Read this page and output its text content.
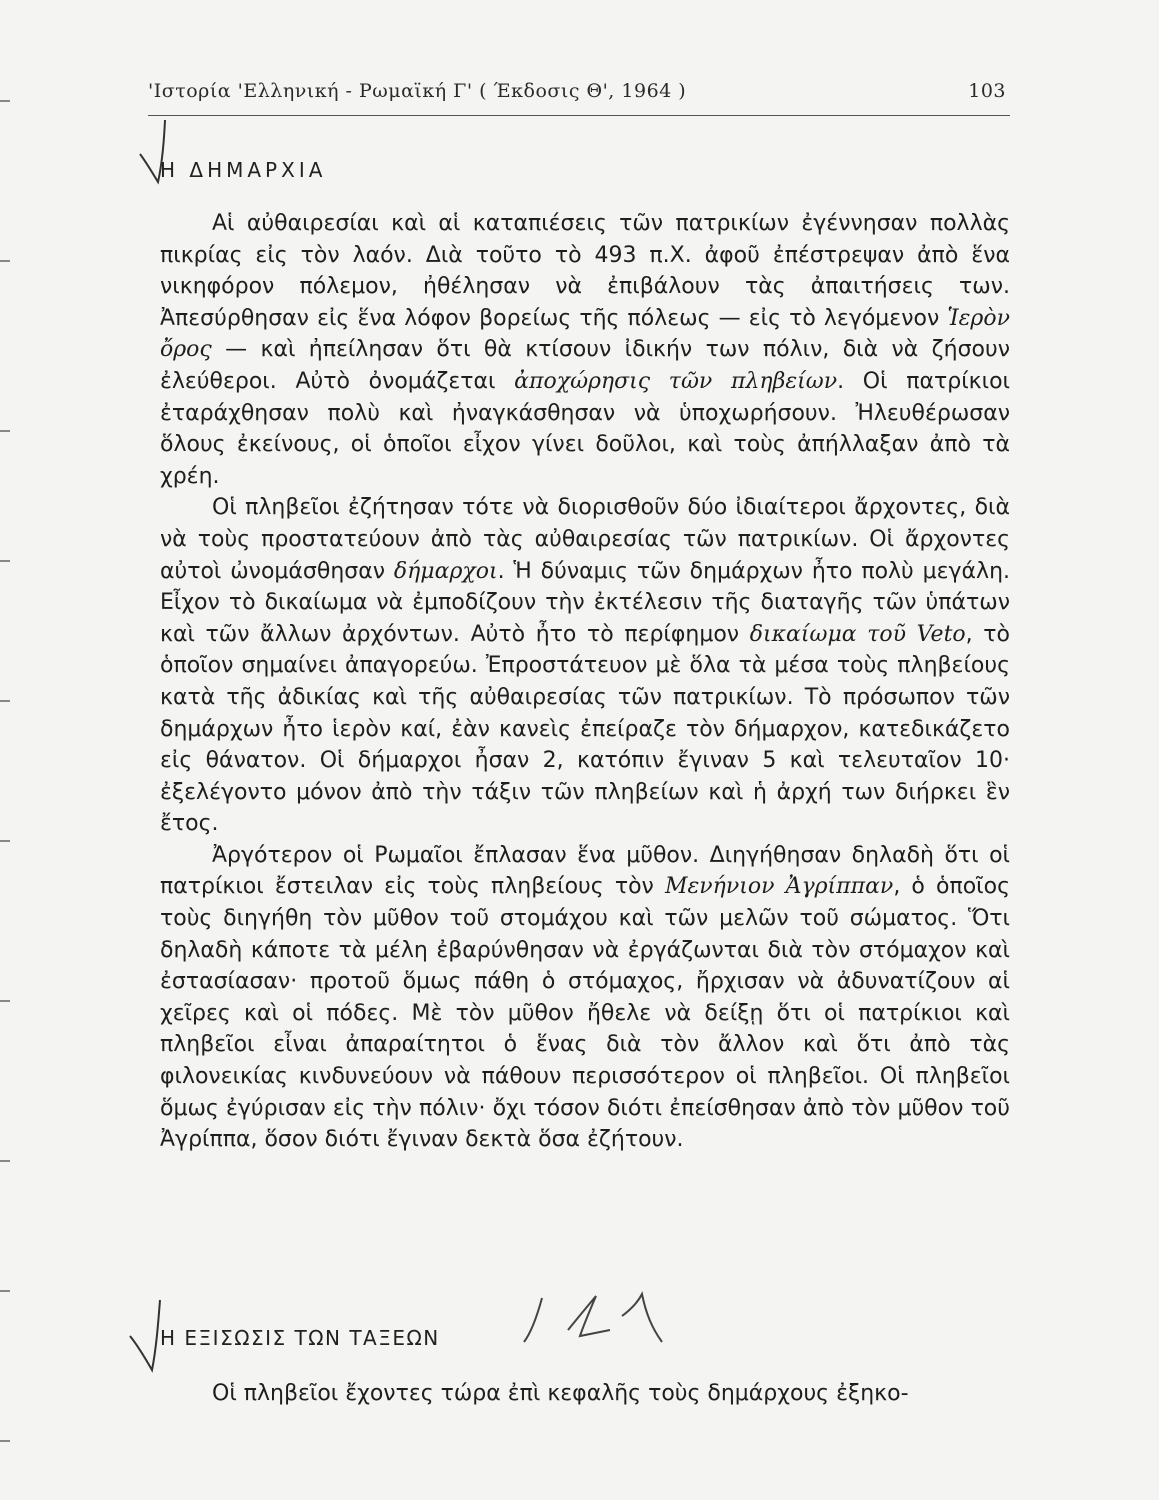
'Ιστορία 'Ελληνική - Ρωμαϊκή Γ' ( Έκδοσις Θ', 1964 )	103
Η ΔΗΜΑΡΧΙΑ

Αἱ αὐθαιρεσίαι καὶ αἱ καταπιέσεις τῶν πατρικίων ἐγέννησαν πολλὰς πικρίας εἰς τὸν λαόν. Διὰ τοῦτο τὸ 493 π.Χ. ἀφοῦ ἐπέστρεψαν ἀπὸ ἕνα νικηφόρον πόλεμον, ἠθέλησαν νὰ ἐπιβάλουν τὰς ἀπαιτήσεις των. Ἀπεσύρθησαν εἰς ἕνα λόφον βορείως τῆς πόλεως — εἰς τὸ λεγόμενον Ἱερὸν ὄρος — καὶ ἠπείλησαν ὅτι θὰ κτίσουν ἰδικήν των πόλιν, διὰ νὰ ζήσουν ἐλεύθεροι. Αὐτὸ ὀνομάζεται ἀποχώρησις τῶν πληβείων. Οἱ πατρίκιοι ἐταράχθησαν πολὺ καὶ ἠναγκάσθησαν νὰ ὑποχωρήσουν. Ἠλευθέρωσαν ὅλους ἐκείνους, οἱ ὁποῖοι εἶχον γίνει δοῦλοι, καὶ τοὺς ἀπήλλαξαν ἀπὸ τὰ χρέη.

Οἱ πληβεῖοι ἐζήτησαν τότε νὰ διορισθοῦν δύο ἰδιαίτεροι ἄρχοντες, διὰ νὰ τοὺς προστατεύουν ἀπὸ τὰς αὐθαιρεσίας τῶν πατρικίων. Οἱ ἄρχοντες αὐτοὶ ὠνομάσθησαν δήμαρχοι. Ἡ δύναμις τῶν δημάρχων ἦτο πολὺ μεγάλη. Εἶχον τὸ δικαίωμα νὰ ἐμποδίζουν τὴν ἐκτέλεσιν τῆς διαταγῆς τῶν ὑπάτων καὶ τῶν ἄλλων ἀρχόντων. Αὐτὸ ἦτο τὸ περίφημον δικαίωμα τοῦ Veto, τὸ ὁποῖον σημαίνει ἀπαγορεύω. Ἐπροστάτευον μὲ ὅλα τὰ μέσα τοὺς πληβείους κατὰ τῆς ἀδικίας καὶ τῆς αὐθαιρεσίας τῶν πατρικίων. Τὸ πρόσωπον τῶν δημάρχων ἦτο ἱερὸν καί, ἐὰν κανεὶς ἐπείραζε τὸν δήμαρχον, κατεδικάζετο εἰς θάνατον. Οἱ δήμαρχοι ἦσαν 2, κατόπιν ἔγιναν 5 καὶ τελευταῖον 10· ἐξελέγοντο μόνον ἀπὸ τὴν τάξιν τῶν πληβείων καὶ ἡ ἀρχή των διήρκει ἓν ἔτος.

Ἀργότερον οἱ Ρωμαῖοι ἔπλασαν ἕνα μῦθον. Διηγήθησαν δηλαδὴ ὅτι οἱ πατρίκιοι ἔστειλαν εἰς τοὺς πληβείους τὸν Μενήνιον Ἀγρίππαν, ὁ ὁποῖος τοὺς διηγήθη τὸν μῦθον τοῦ στομάχου καὶ τῶν μελῶν τοῦ σώματος. Ὅτι δηλαδὴ κάποτε τὰ μέλη ἐβαρύνθησαν νὰ ἐργάζωνται διὰ τὸν στόμαχον καὶ ἐστασίασαν· προτοῦ ὅμως πάθη ὁ στόμαχος, ἤρχισαν νὰ ἀδυνατίζουν αἱ χεῖρες καὶ οἱ πόδες. Μὲ τὸν μῦθον ἤθελε νὰ δείξῃ ὅτι οἱ πατρίκιοι καὶ πληβεῖοι εἶναι ἀπαραίτητοι ὁ ἕνας διὰ τὸν ἄλλον καὶ ὅτι ἀπὸ τὰς φιλονεικίας κινδυνεύουν νὰ πάθουν περισσότερον οἱ πληβεῖοι. Οἱ πληβεῖοι ὅμως ἐγύρισαν εἰς τὴν πόλιν· ὄχι τόσον διότι ἐπείσθησαν ἀπὸ τὸν μῦθον τοῦ Ἀγρίππα, ὅσον διότι ἔγιναν δεκτὰ ὅσα ἐζήτουν.

Η ΕΞΙΣΩΣΙΣ ΤΩΝ ΤΑΞΕΩΝ

Οἱ πληβεῖοι ἔχοντες τώρα ἐπὶ κεφαλῆς τοὺς δημάρχους ἐξηκο-
